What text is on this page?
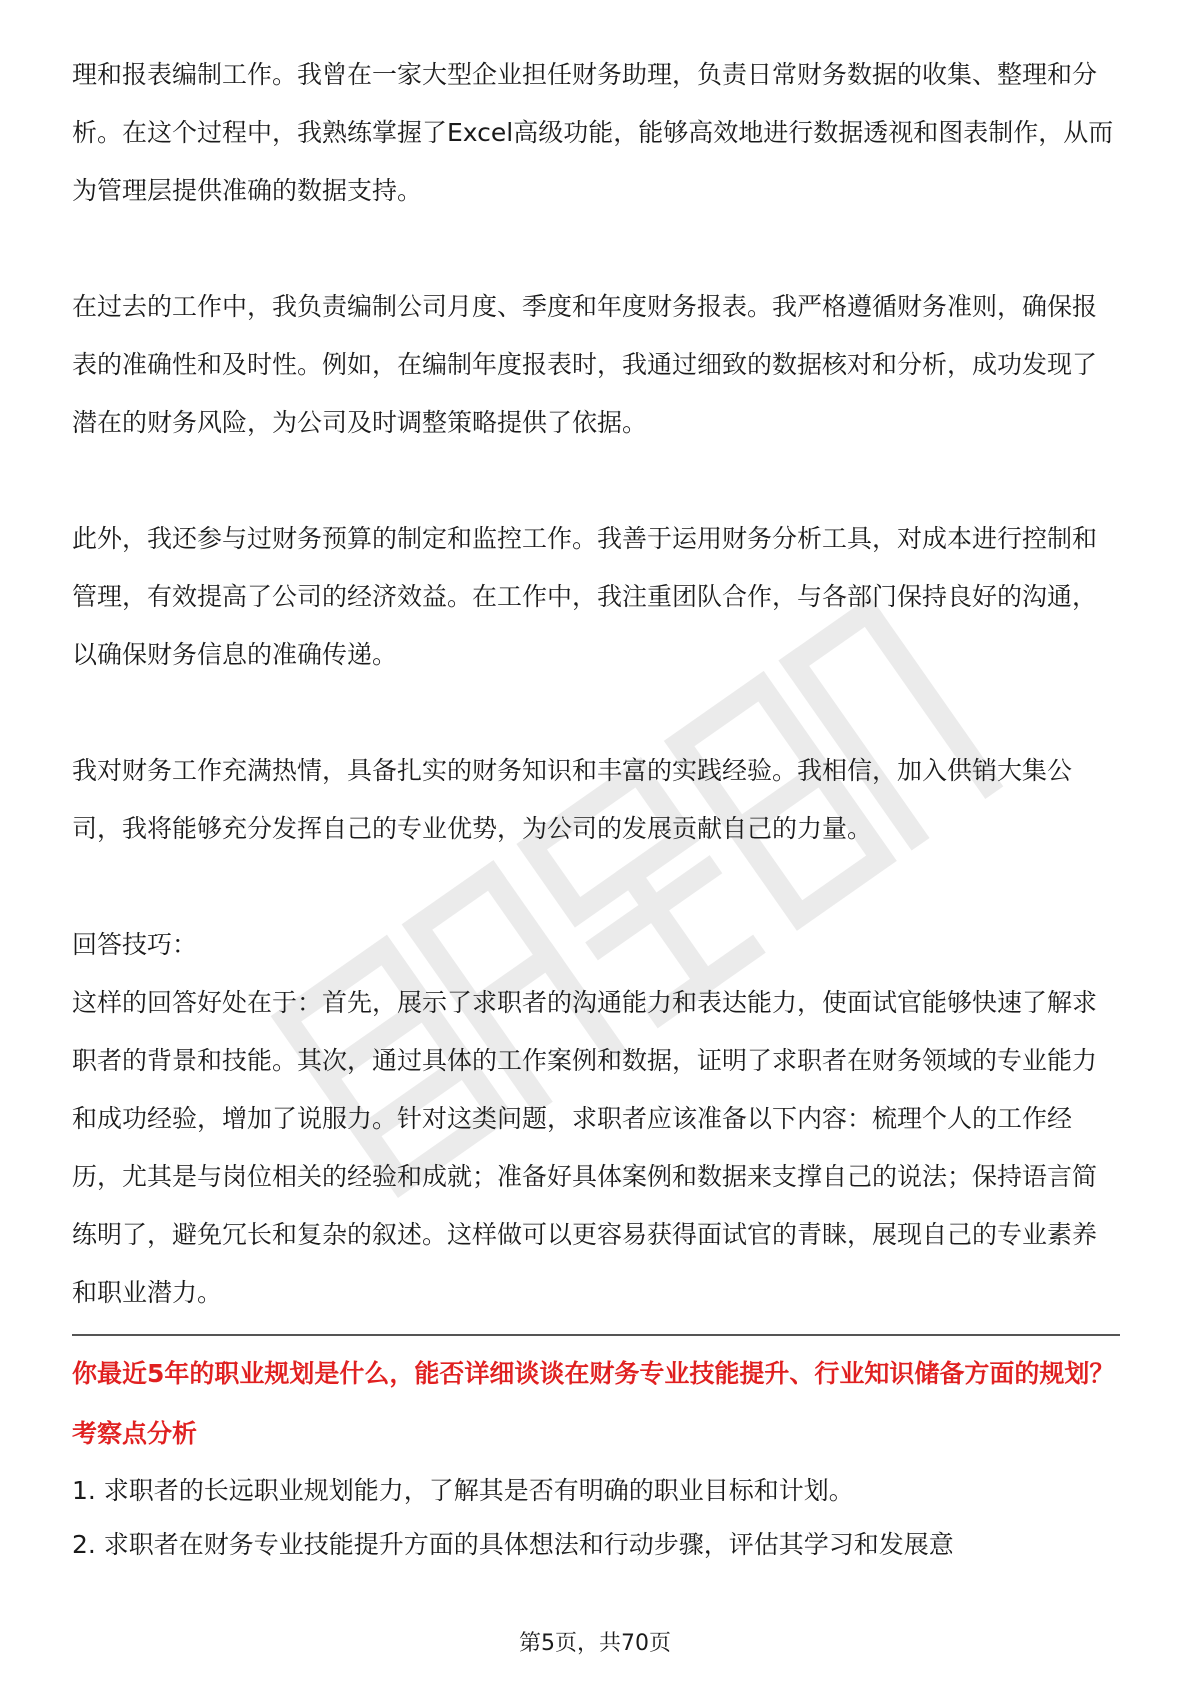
理和报表编制工作。我曾在一家大型企业担任财务助理，负责日常财务数据的收集、整理和分析。在这个过程中，我熟练掌握了Excel高级功能，能够高效地进行数据透视和图表制作，从而为管理层提供准确的数据支持。

在过去的工作中，我负责编制公司月度、季度和年度财务报表。我严格遵循财务准则，确保报表的准确性和及时性。例如，在编制年度报表时，我通过细致的数据核对和分析，成功发现了潜在的财务风险，为公司及时调整策略提供了依据。

此外，我还参与过财务预算的制定和监控工作。我善于运用财务分析工具，对成本进行控制和管理，有效提高了公司的经济效益。在工作中，我注重团队合作，与各部门保持良好的沟通，以确保财务信息的准确传递。

我对财务工作充满热情，具备扎实的财务知识和丰富的实践经验。我相信，加入供销大集公司，我将能够充分发挥自己的专业优势，为公司的发展贡献自己的力量。

回答技巧：

这样的回答好处在于：首先，展示了求职者的沟通能力和表达能力，使面试官能够快速了解求职者的背景和技能。其次，通过具体的工作案例和数据，证明了求职者在财务领域的专业能力和成功经验，增加了说服力。针对这类问题，求职者应该准备以下内容：梳理个人的工作经历，尤其是与岗位相关的经验和成就；准备好具体案例和数据来支撑自己的说法；保持语言简练明了，避免冗长和复杂的叙述。这样做可以更容易获得面试官的青睐，展现自己的专业素养和职业潜力。

你最近5年的职业规划是什么，能否详细谈谈在财务专业技能提升、行业知识储备方面的规划？

考察点分析

1. 求职者的长远职业规划能力，了解其是否有明确的职业目标和计划。

2. 求职者在财务专业技能提升方面的具体想法和行动步骤，评估其学习和发展意

第5页，共70页
